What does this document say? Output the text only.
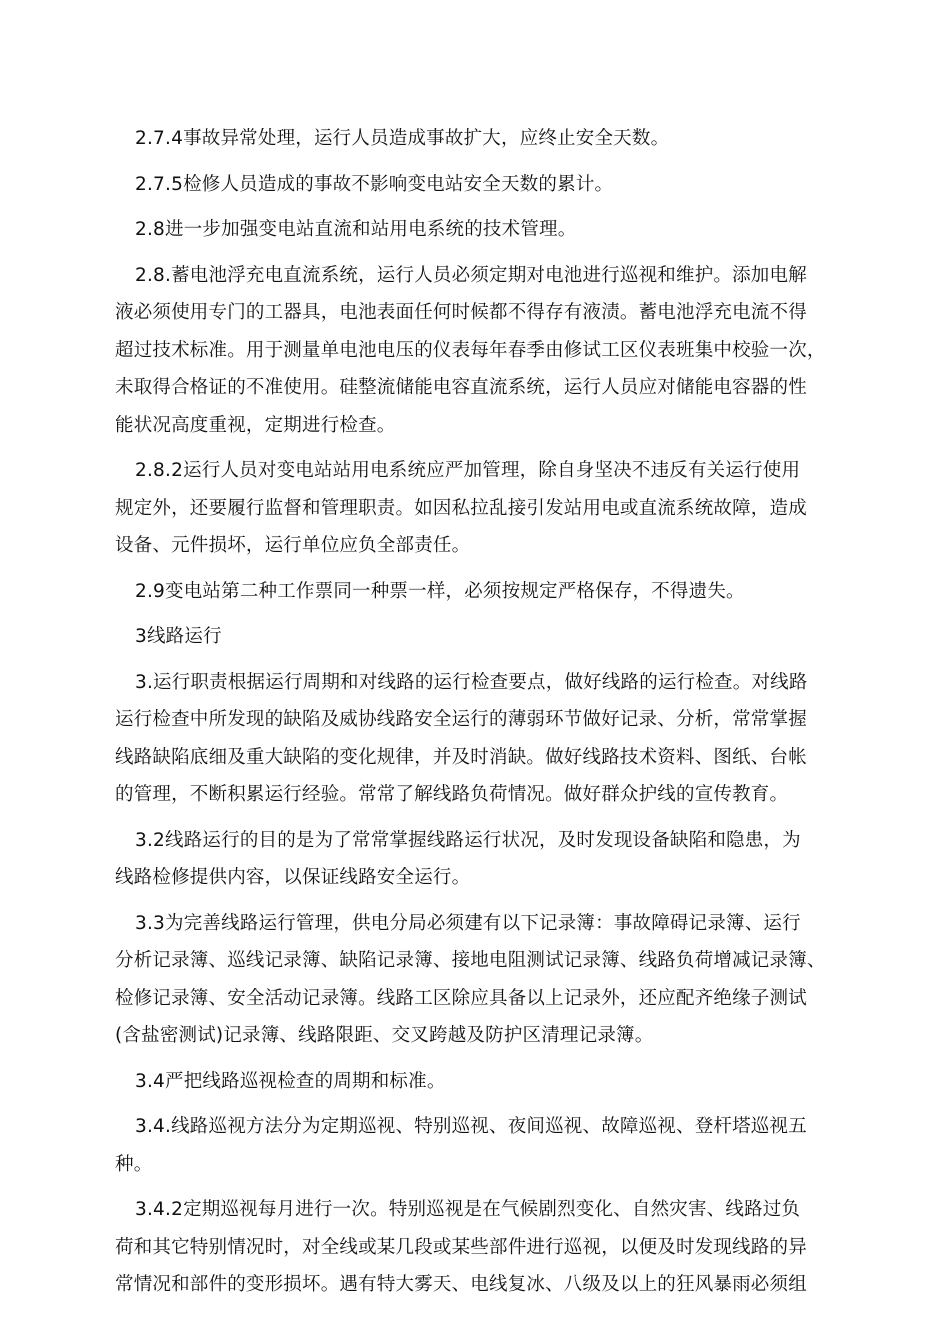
2.7.4事故异常处理，运行人员造成事故扩大，应终止安全天数。

2.7.5检修人员造成的事故不影响变电站安全天数的累计。

2.8进一步加强变电站直流和站用电系统的技术管理。

2.8.蓄电池浮充电直流系统，运行人员必须定期对电池进行巡视和维护。添加电解
液必须使用专门的工器具，电池表面任何时候都不得存有液渍。蓄电池浮充电流不得
超过技术标准。用于测量单电池电压的仪表每年春季由修试工区仪表班集中校验一次，
未取得合格证的不准使用。硅整流储能电容直流系统，运行人员应对储能电容器的性
能状况高度重视，定期进行检查。

2.8.2运行人员对变电站站用电系统应严加管理，除自身坚决不违反有关运行使用
规定外，还要履行监督和管理职责。如因私拉乱接引发站用电或直流系统故障，造成
设备、元件损坏，运行单位应负全部责任。

2.9变电站第二种工作票同一种票一样，必须按规定严格保存，不得遗失。

3线路运行

3.运行职责根据运行周期和对线路的运行检查要点，做好线路的运行检查。对线路
运行检查中所发现的缺陷及威协线路安全运行的薄弱环节做好记录、分析，常常掌握
线路缺陷底细及重大缺陷的变化规律，并及时消缺。做好线路技术资料、图纸、台帐
的管理，不断积累运行经验。常常了解线路负荷情况。做好群众护线的宣传教育。

3.2线路运行的目的是为了常常掌握线路运行状况，及时发现设备缺陷和隐患，为
线路检修提供内容，以保证线路安全运行。

3.3为完善线路运行管理，供电分局必须建有以下记录簿：事故障碍记录簿、运行
分析记录簿、巡线记录簿、缺陷记录簿、接地电阻测试记录簿、线路负荷增减记录簿、
检修记录簿、安全活动记录簿。线路工区除应具备以上记录外，还应配齐绝缘子测试
(含盐密测试)记录簿、线路限距、交叉跨越及防护区清理记录簿。

3.4严把线路巡视检查的周期和标准。

3.4.线路巡视方法分为定期巡视、特别巡视、夜间巡视、故障巡视、登杆塔巡视五
种。

3.4.2定期巡视每月进行一次。特别巡视是在气候剧烈变化、自然灾害、线路过负
荷和其它特别情况时，对全线或某几段或某些部件进行巡视，以便及时发现线路的异
常情况和部件的变形损坏。遇有特大雾天、电线复冰、八级及以上的狂风暴雨必须组
